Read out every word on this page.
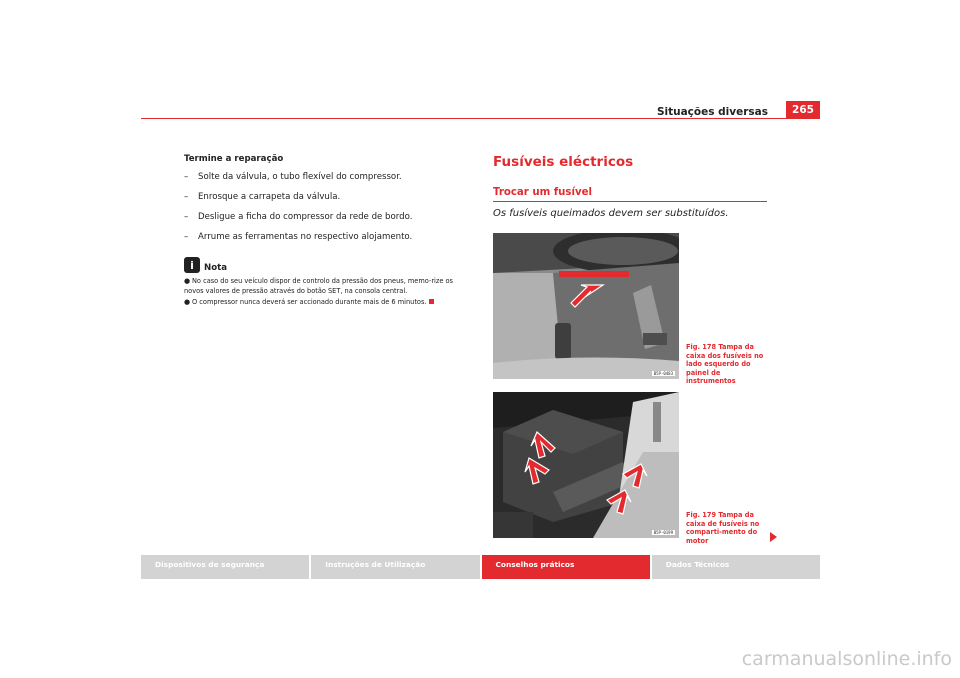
Situações diversas	265
Termine a reparação
– Solte da válvula, o tubo flexível do compressor.
– Enrosque a carrapeta da válvula.
– Desligue a ficha do compressor da rede de bordo.
– Arrume as ferramentas no respectivo alojamento.
i	Nota
● No caso do seu veículo dispor de controlo da pressão dos pneus, memo-rize os novos valores de pressão através do botão SET, na consola central.
● O compressor nunca deverá ser accionado durante mais de 6 minutos.
Fusíveis eléctricos
Trocar um fusível
Os fusíveis queimados devem ser substituídos.
B5P-0483
B5P-0199
Fig. 178 Tampa da caixa dos fusíveis no lado esquerdo do painel de instrumentos
Fig. 179 Tampa da caixa de fusíveis no comparti-mento do motor
Dispositivos de segurança	Instruções de Utilização	Conselhos práticos	Dados Técnicos
carmanualsonline.info
